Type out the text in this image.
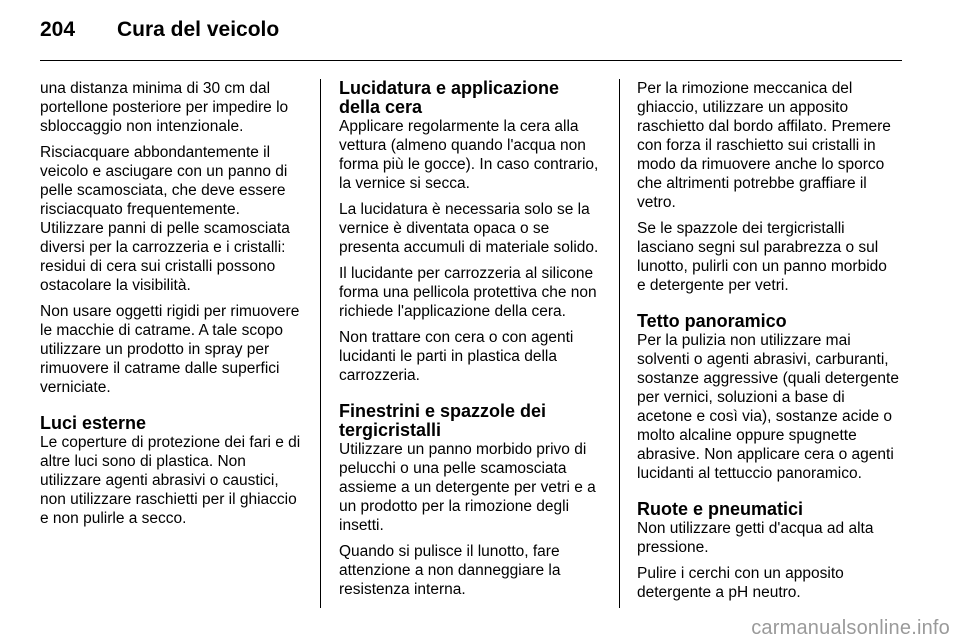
204	Cura del veicolo

una distanza minima di 30 cm dal portellone posteriore per impedire lo sbloccaggio non intenzionale.

Risciacquare abbondantemente il veicolo e asciugare con un panno di pelle scamosciata, che deve essere risciacquato frequentemente. Utilizzare panni di pelle scamosciata diversi per la carrozzeria e i cristalli: residui di cera sui cristalli possono ostacolare la visibilità.

Non usare oggetti rigidi per rimuovere le macchie di catrame. A tale scopo utilizzare un prodotto in spray per rimuovere il catrame dalle superfici verniciate.

Luci esterne

Le coperture di protezione dei fari e di altre luci sono di plastica. Non utilizzare agenti abrasivi o caustici, non utilizzare raschietti per il ghiaccio e non pulirle a secco.

Lucidatura e applicazione della cera

Applicare regolarmente la cera alla vettura (almeno quando l'acqua non forma più le gocce). In caso contrario, la vernice si secca.

La lucidatura è necessaria solo se la vernice è diventata opaca o se presenta accumuli di materiale solido.

Il lucidante per carrozzeria al silicone forma una pellicola protettiva che non richiede l'applicazione della cera.

Non trattare con cera o con agenti lucidanti le parti in plastica della carrozzeria.

Finestrini e spazzole dei tergicristalli

Utilizzare un panno morbido privo di pelucchi o una pelle scamosciata assieme a un detergente per vetri e a un prodotto per la rimozione degli insetti.

Quando si pulisce il lunotto, fare attenzione a non danneggiare la resistenza interna.

Per la rimozione meccanica del ghiaccio, utilizzare un apposito raschietto dal bordo affilato. Premere con forza il raschietto sui cristalli in modo da rimuovere anche lo sporco che altrimenti potrebbe graffiare il vetro.

Se le spazzole dei tergicristalli lasciano segni sul parabrezza o sul lunotto, pulirli con un panno morbido e detergente per vetri.

Tetto panoramico

Per la pulizia non utilizzare mai solventi o agenti abrasivi, carburanti, sostanze aggressive (quali detergente per vernici, soluzioni a base di acetone e così via), sostanze acide o molto alcaline oppure spugnette abrasive. Non applicare cera o agenti lucidanti al tettuccio panoramico.

Ruote e pneumatici

Non utilizzare getti d'acqua ad alta pressione.

Pulire i cerchi con un apposito detergente a pH neutro.

carmanualsonline.info
